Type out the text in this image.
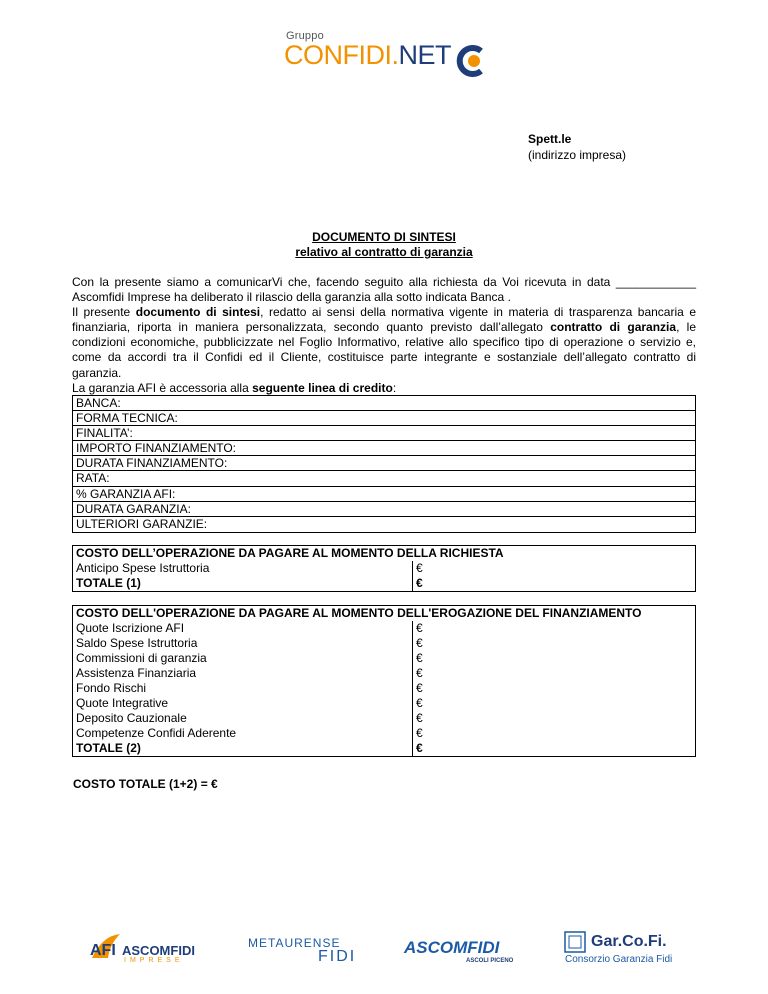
Gruppo
CONFIDI.NET
Spett.le
(indirizzo impresa)
DOCUMENTO DI SINTESI
relativo al contratto di garanzia

Con la presente siamo a comunicarVi che, facendo seguito alla richiesta da Voi ricevuta in data ____________ Ascomfidi Imprese ha deliberato il rilascio della garanzia alla sotto indicata Banca .

Il presente documento di sintesi, redatto ai sensi della normativa vigente in materia di trasparenza bancaria e finanziaria, riporta in maniera personalizzata, secondo quanto previsto dall’allegato contratto di garanzia, le condizioni economiche, pubblicizzate nel Foglio Informativo, relative allo specifico tipo di operazione o servizio e, come da accordi tra il Confidi ed il Cliente, costituisce parte integrante e sostanziale dell’allegato contratto di garanzia.

La garanzia AFI è accessoria alla seguente linea di credito:

BANCA:
FORMA TECNICA:
FINALITA’:
IMPORTO FINANZIAMENTO:
DURATA FINANZIAMENTO:
RATA:
% GARANZIA AFI:
DURATA GARANZIA:
ULTERIORI GARANZIE:
COSTO DELL’OPERAZIONE DA PAGARE AL MOMENTO DELLA RICHIESTA
Anticipo Spese Istruttoria	€
TOTALE (1)	€
COSTO DELL'OPERAZIONE DA PAGARE AL MOMENTO DELL'EROGAZIONE DEL FINANZIAMENTO
Quote Iscrizione AFI	€
Saldo Spese Istruttoria	€
Commissioni di garanzia	€
Assistenza Finanziaria	€
Fondo Rischi	€
Quote Integrative	€
Deposito Cauzionale	€
Competenze Confidi Aderente	€
TOTALE (2)	€
COSTO TOTALE (1+2) = €
AFI ASCOMFIDI
IMPRESE
METAURENSE
FIDI	ASCOMFIDI
ASCOLI PICENO
Gar.Co.Fi.
Consorzio Garanzia Fidi
